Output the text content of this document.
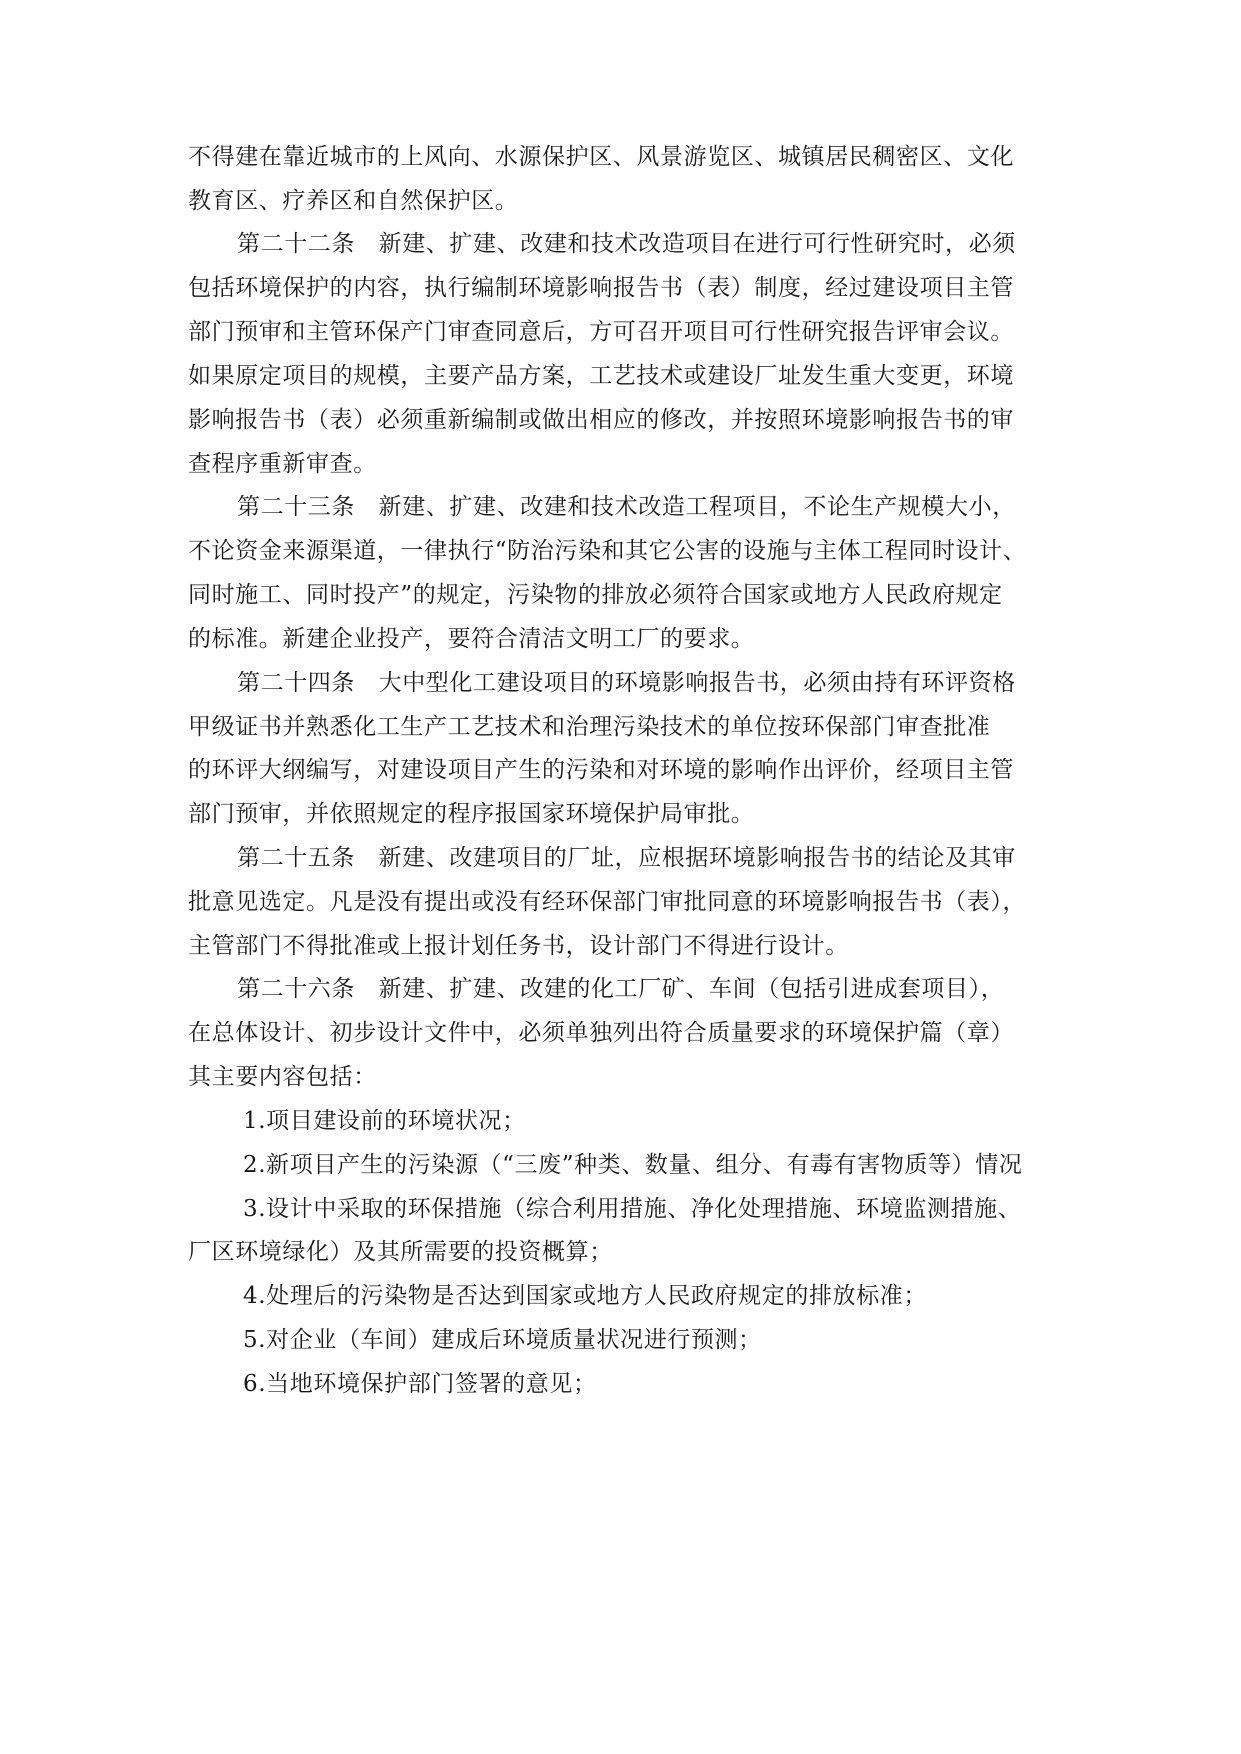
不得建在靠近城市的上风向、水源保护区、风景游览区、城镇居民稠密区、文化
教育区、疗养区和自然保护区。
第二十二条　新建、扩建、改建和技术改造项目在进行可行性研究时，必须
包括环境保护的内容，执行编制环境影响报告书（表）制度，经过建设项目主管
部门预审和主管环保产门审查同意后，方可召开项目可行性研究报告评审会议。
如果原定项目的规模，主要产品方案，工艺技术或建设厂址发生重大变更，环境
影响报告书（表）必须重新编制或做出相应的修改，并按照环境影响报告书的审
查程序重新审查。
第二十三条　新建、扩建、改建和技术改造工程项目，不论生产规模大小，
不论资金来源渠道，一律执行“防治污染和其它公害的设施与主体工程同时设计、
同时施工、同时投产”的规定，污染物的排放必须符合国家或地方人民政府规定
的标准。新建企业投产，要符合清洁文明工厂的要求。
第二十四条　大中型化工建设项目的环境影响报告书，必须由持有环评资格
甲级证书并熟悉化工生产工艺技术和治理污染技术的单位按环保部门审查批准
的环评大纲编写，对建设项目产生的污染和对环境的影响作出评价，经项目主管
部门预审，并依照规定的程序报国家环境保护局审批。
第二十五条　新建、改建项目的厂址，应根据环境影响报告书的结论及其审
批意见选定。凡是没有提出或没有经环保部门审批同意的环境影响报告书（表），
主管部门不得批准或上报计划任务书，设计部门不得进行设计。
第二十六条　新建、扩建、改建的化工厂矿、车间（包括引进成套项目），
在总体设计、初步设计文件中，必须单独列出符合质量要求的环境保护篇（章）
其主要内容包括：
1.项目建设前的环境状况；
2.新项目产生的污染源（“三废”种类、数量、组分、有毒有害物质等）情况
3.设计中采取的环保措施（综合利用措施、净化处理措施、环境监测措施、
厂区环境绿化）及其所需要的投资概算；
4.处理后的污染物是否达到国家或地方人民政府规定的排放标准；
5.对企业（车间）建成后环境质量状况进行预测；
6.当地环境保护部门签署的意见；
